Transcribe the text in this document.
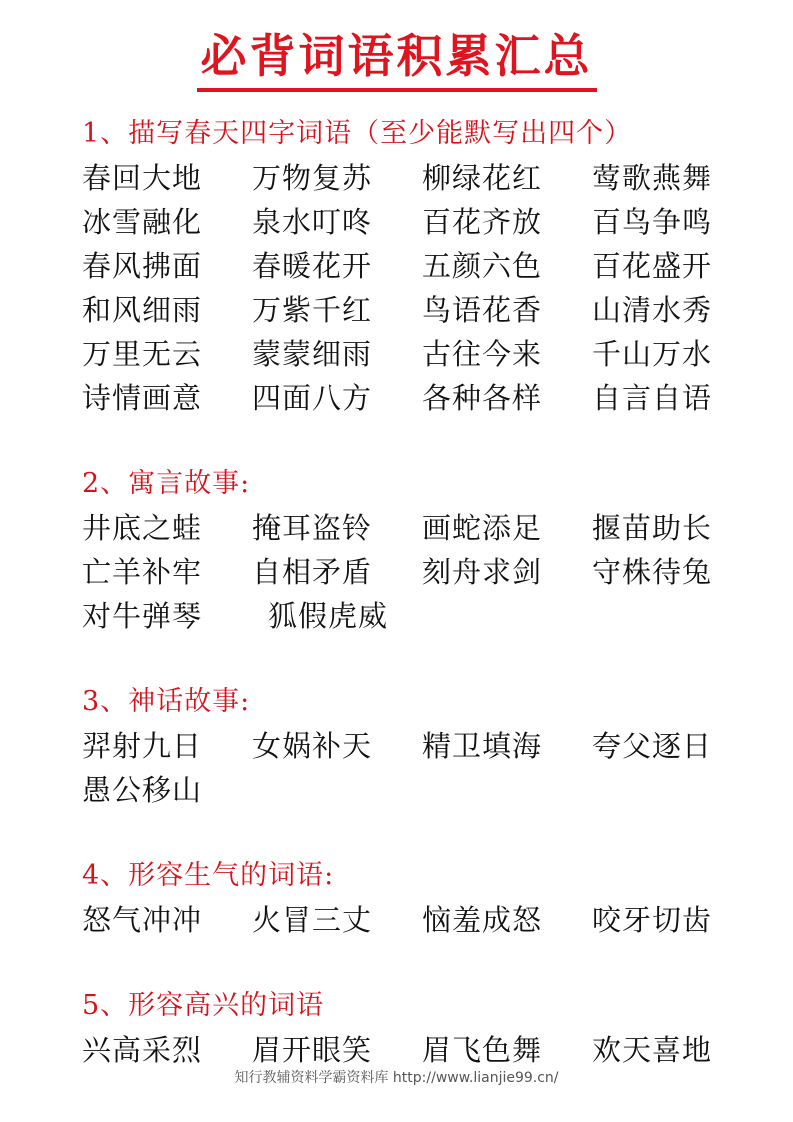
必背词语积累汇总
1、描写春天四字词语（至少能默写出四个）
春回大地	万物复苏	柳绿花红	莺歌燕舞
冰雪融化	泉水叮咚	百花齐放	百鸟争鸣
春风拂面	春暖花开	五颜六色	百花盛开
和风细雨	万紫千红	鸟语花香	山清水秀
万里无云	蒙蒙细雨	古往今来	千山万水
诗情画意	四面八方	各种各样	自言自语
2、寓言故事:
井底之蛙	掩耳盗铃	画蛇添足	揠苗助长
亡羊补牢	自相矛盾	刻舟求剑	守株待兔
对牛弹琴	狐假虎威
3、神话故事:
羿射九日	女娲补天	精卫填海	夸父逐日
愚公移山
4、形容生气的词语:
怒气冲冲	火冒三丈	恼羞成怒	咬牙切齿
5、形容高兴的词语
兴高采烈	眉开眼笑	眉飞色舞	欢天喜地
知行教辅资料学霸资料库 http://www.lianjie99.cn/
